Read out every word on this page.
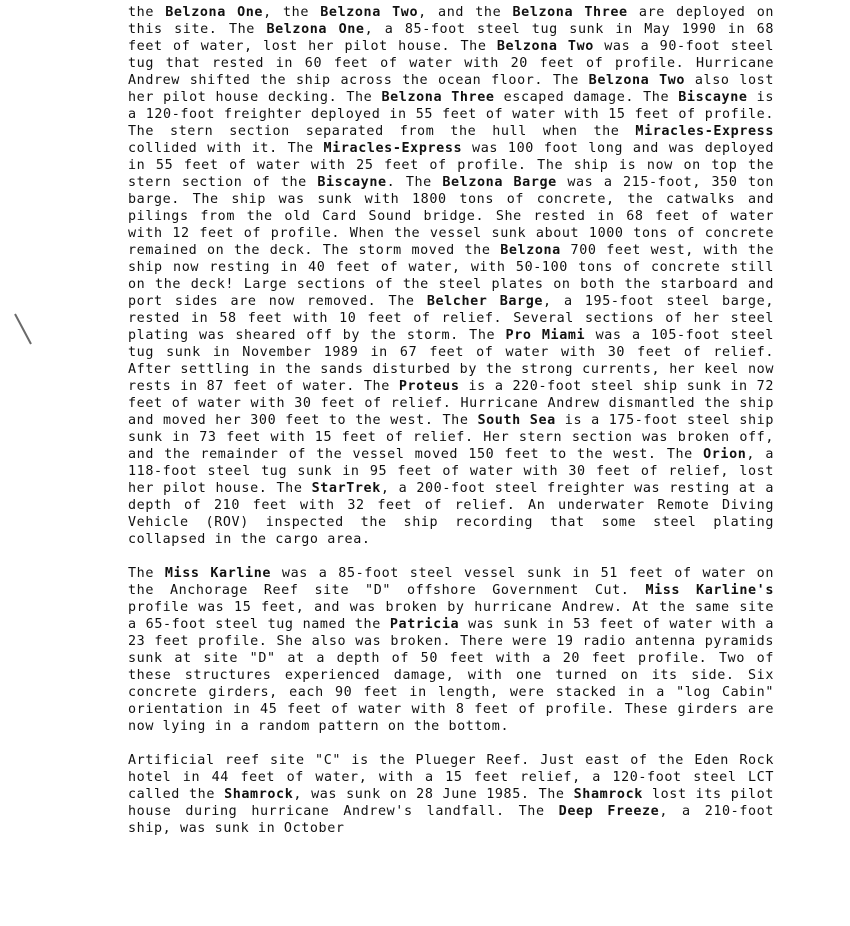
the Belzona One, the Belzona Two, and the Belzona Three are deployed on this site. The Belzona One, a 85-foot steel tug sunk in May 1990 in 68 feet of water, lost her pilot house. The Belzona Two was a 90-foot steel tug that rested in 60 feet of water with 20 feet of profile. Hurricane Andrew shifted the ship across the ocean floor. The Belzona Two also lost her pilot house decking. The Belzona Three escaped damage. The Biscayne is a 120-foot freighter deployed in 55 feet of water with 15 feet of profile. The stern section separated from the hull when the Miracles-Express collided with it. The Miracles-Express was 100 foot long and was deployed in 55 feet of water with 25 feet of profile. The ship is now on top the stern section of the Biscayne. The Belzona Barge was a 215-foot, 350 ton barge. The ship was sunk with 1800 tons of concrete, the catwalks and pilings from the old Card Sound bridge. She rested in 68 feet of water with 12 feet of profile. When the vessel sunk about 1000 tons of concrete remained on the deck. The storm moved the Belzona 700 feet west, with the ship now resting in 40 feet of water, with 50-100 tons of concrete still on the deck! Large sections of the steel plates on both the starboard and port sides are now removed. The Belcher Barge, a 195-foot steel barge, rested in 58 feet with 10 feet of relief. Several sections of her steel plating was sheared off by the storm. The Pro Miami was a 105-foot steel tug sunk in November 1989 in 67 feet of water with 30 feet of relief. After settling in the sands disturbed by the strong currents, her keel now rests in 87 feet of water. The Proteus is a 220-foot steel ship sunk in 72 feet of water with 30 feet of relief. Hurricane Andrew dismantled the ship and moved her 300 feet to the west. The South Sea is a 175-foot steel ship sunk in 73 feet with 15 feet of relief. Her stern section was broken off, and the remainder of the vessel moved 150 feet to the west. The Orion, a 118-foot steel tug sunk in 95 feet of water with 30 feet of relief, lost her pilot house. The StarTrek, a 200-foot steel freighter was resting at a depth of 210 feet with 32 feet of relief. An underwater Remote Diving Vehicle (ROV) inspected the ship recording that some steel plating collapsed in the cargo area.

The Miss Karline was a 85-foot steel vessel sunk in 51 feet of water on the Anchorage Reef site "D" offshore Government Cut. Miss Karline's profile was 15 feet, and was broken by hurricane Andrew. At the same site a 65-foot steel tug named the Patricia was sunk in 53 feet of water with a 23 feet profile. She also was broken. There were 19 radio antenna pyramids sunk at site "D" at a depth of 50 feet with a 20 feet profile. Two of these structures experienced damage, with one turned on its side. Six concrete girders, each 90 feet in length, were stacked in a "log Cabin" orientation in 45 feet of water with 8 feet of profile. These girders are now lying in a random pattern on the bottom.

Artificial reef site "C" is the Plueger Reef. Just east of the Eden Rock hotel in 44 feet of water, with a 15 feet relief, a 120-foot steel LCT called the Shamrock, was sunk on 28 June 1985. The Shamrock lost its pilot house during hurricane Andrew's landfall. The Deep Freeze, a 210-foot ship, was sunk in October
